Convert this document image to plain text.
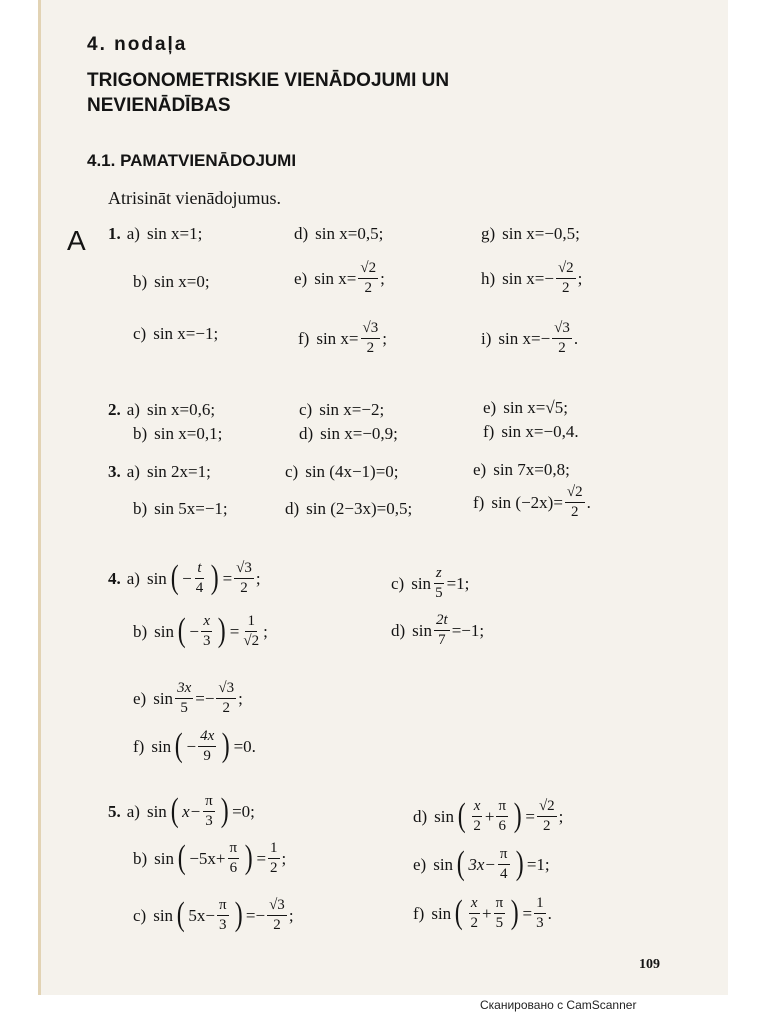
4. nodaļa
TRIGONOMETRISKIE VIENĀDOJUMI UN NEVIENĀDĪBAS
4.1. PAMATVIENĀDOJUMI
Atrisināt vienādojumus.
A 1. a) sin x=1;
b) sin x=0;
c) sin x=−1;
d) sin x=0,5;
e) $\sin x= \frac{√2}{2}$ ;
f) $\sin x= \frac{√3}{2}$ ;
g) sin x=−0,5;
h) $\sin x=- \frac{√2}{2}$ ;
i) $\sin x=- \frac{√3}{2}$ .
2. a) sin x=0,6;
b) sin x=0,1;
c) sin x=−2;
d) sin x=−0,9;
e) sin x=√5;
f) sin x=−0,4.
3. a) sin 2x=1;
b) sin 5x=−1;
c) sin (4x−1)=0;
d) sin (2−3x)=0,5;
e) sin 7x=0,8;
f) $\sin (-2x)= \frac{√2}{2}$ .
4. a) sin ( − $\frac{t}{4}$ ) = $\frac{√3}{2}$ ;
b) sin ( − $\frac{x}{3}$ ) = $\frac{1}{√2}$ ;
c) $\sin \frac{z}{5} =1$;
d) $\sin \frac{2t}{7} =-1$;
e) $\sin \frac{3x}{5} =- \frac{√3}{2}$ ;
f) sin ( − $\frac{4x}{9}$ ) =0.
5. a) sin ( $x- \frac{\pi}{3}$ ) =0;
b) sin ( $-5x+ \frac{\pi}{6}$ ) = $\frac{1}{2}$ ;
c) sin ( $5x- \frac{\pi}{3}$ ) =− $\frac{√3}{2}$ ;
d) sin ( $\frac{x}{2} + \frac{\pi}{6}$ ) = $\frac{√2}{2}$ ;
e) sin ( $3x- \frac{\pi}{4}$ ) =1;
f) sin ( $\frac{x}{2} + \frac{\pi}{5}$ ) = $\frac{1}{3}$ .
109
Сканировано с CamScanner
